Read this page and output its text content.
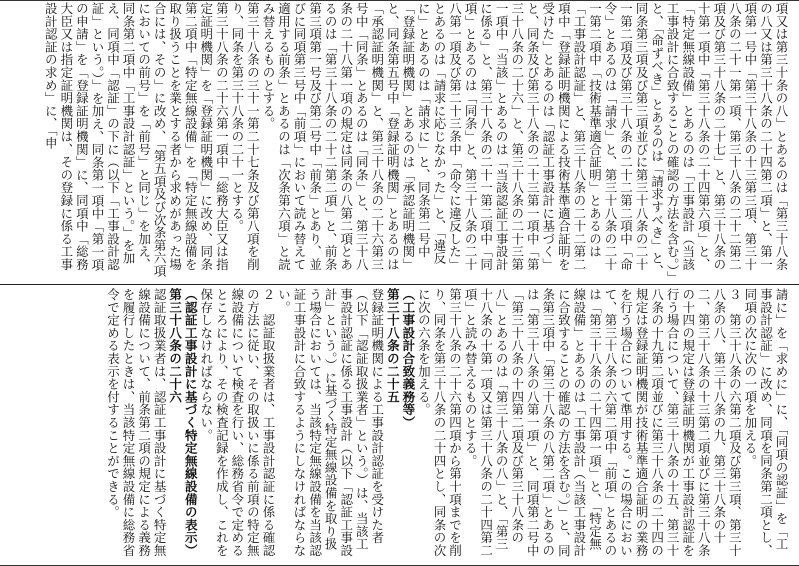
項又は第三十条の八」とあるのは「第三十八条の八又は第三十八条の二十四第二項」と、第一項第一号中「第三十八条の十三第三項、第三十八条の二十一第一項、第三十八条の二十二第二項及び第三十八条の二十七」と、第三十八条の十第一項中「第三十八条の二十四第六項」と、「特定無線設備」とあるのは「工事設計（当該工事設計に合致することの確認の方法を含む。）」と、「命ずべき」とあるのは「請求すべき」と、同条第三項及び第三項並びに第三十八条の二十一第二項及び第三十八条の二十二第二項中「命令」とあるのは「請求」と、第三十八条の二十一第二項中「技術基準適合証明」とあるのは「工事設計認証」と、第三十八条の二十二第二項中「登録証明機関による技術基準適合証明を受けた」とあるのは「認証工事設計に基づく」と、同条及び第三十八条の二十三第一項中「第三十八条の二十六」と、第三十八条の二十三第一項中「当該」とあるのは「当該認証工事設計に係る」と、第三十八条の二十一第二項中「同項」とあるのは「同条」と、第三十八条の二十八第一項及び第二十三条中「命令に違反した」とあるのは「請求に応じなかった」と、「違反に」とあるのは「請求に」と、同条第二号中「登録証明機関」とあるのは「承認証明機関」と、同条第五号中「登録証明機関」とあるのは「承認証明機関」と、第三十八条の二十六第三号中「同条」とあるのは「同条」と、第三十八条の二十八第一項の規定は同条の八第二項とあるのは「第三十八条の二十二第二項」と、前条第三項第一号及び第二号中「前条」とあり、並びに同項第三号中「前項」において読み替えて適用する前条」とあるのは「次条第六項」と読み替えるものとする。

第三十八条の三十一第二十七条及び第八項を削り、同条を第三十八条の二十一とする。

第三十八条の二十六第一項中「総務大臣又は指定証明機関」を「登録証明機関」に改め、同条第二項中「特定無線設備」を「特定無線設備を取り扱うことを業とする者から求めがあった場合には、その」に改め、「第五項及び次条第六項においての前号」を「前号」と同じ」を加え、同条第二項中「工事設計認証」という。」を加え、同項中「認証」の下に（以下「工事設計認証」という。）」を加え、同条第一項中「第一項の申請」を「登録証明機関」に、同項中「総務大臣又は指定証明機関は、その登録に係る工事設計認証の求め」に、「申

請に」を「求めに」に、「同項の認証」を「工事設計認証」に改め、同項を同条第二項とし、同項の次に次の一項を加える。

３　第三十八条の六第二項及び第三項、第三十八条の八、第三十八条の九、第三十八条の十二、第三十八条の十三第二項並びに第三十八条の十四の規定は登録証明機関が工事設計認証を行う場合について、第三十八条の十五、第三十八条の十九第二項並びに第三十八条の二十四の規定は登録証明機関が技術基準適合証明の業務を行う場合について準用する。この場合において、第三十八条の六第二項中「前項」とあるのは「第三十八条の二十四第一項」と、「特定無線設備」とあるのは「工事設計（当該工事設計に合致することの確認の方法を含む。）」と、同条第三項中「第三十八条の八第二項」とあるのは「第三十八条の八第一項」と、同項第二号中「第三十八条の十四第二項及び第三十八条の八」とあるのは「第三十八条の八」と、「第三十八条の十第一項又は第三十八条の二十四第二項」と読み替えるものとする。

第三十八条の二十六第四項から第十項までを削り、同条を第三十八条の二十四とし、同条の次に次の六条を加える。

（工事設計合致義務等）

第三十八条の二十五

登録証明機関による工事設計認証を受けた者（以下「認証取扱業者」という。）は、当該工事設計認証に係る工事設計（以下「認証工事設計」という。）に基づく特定無線設備を取り扱う場合においては、当該特定無線設備を当該認証工事設計に合致するようにしなければならない。

２　認証取扱業者は、工事設計認証に係る確認の方法に従い、その取扱いに係る前項の特定無線設備について検査を行い、総務省令で定めるところにより、その検査記録を作成し、これを保存しなければならない。

（認証工事設計に基づく特定無線設備の表示）

第三十八条の二十六

認証取扱業者は、認証工事設計に基づく特定無線設備について、前条第二項の規定による義務を履行したときは、当該特定無線設備に総務省令で定める表示を付することができる。
